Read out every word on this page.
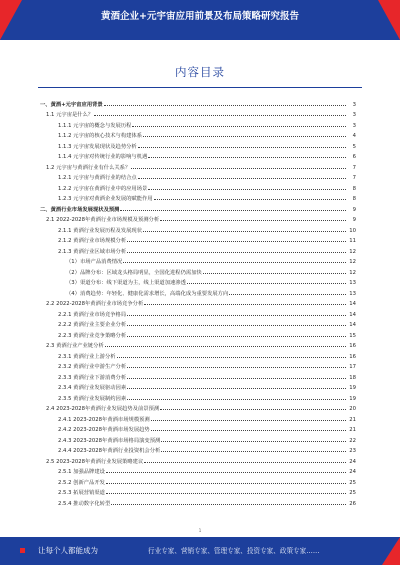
黄酒企业+元宇宙应用前景及布局策略研究报告
内容目录
一、黄酒+元宇宙应用背景	3
1.1 元宇宙是什么？	3
1.1.1 元宇宙的概念与发展历程	3
1.1.2 元宇宙的核心技术与构建体系	4
1.1.3 元宇宙发展现状及趋势分析	5
1.1.4 元宇宙对传统行业的影响与机遇	6
1.2 元宇宙与黄酒行业有什么关系？	7
1.2.1 元宇宙与黄酒行业的结合点	7
1.2.2 元宇宙在黄酒行业中的应用场景	8
1.2.3 元宇宙对黄酒企业发展的赋能作用	8
二、黄酒行业市场发展现状及预测	9
2.1 2022-2028年黄酒行业市场规模及预测分析	9
2.1.1 黄酒行业发展历程及发展现状	10
2.1.2 黄酒行业市场规模分析	11
2.1.3 黄酒行业区域市场分析	12
（1）市场产品消费情况	12
（2）品牌分布：区域龙头格局明显，全国化进程仍需加快	12
（3）渠道分布：线下渠道为主，线上渠道加速渗透	13
（4）消费趋势：年轻化、健康化需求增长，高端化成为重要发展方向	13
2.2 2022-2028年黄酒行业市场竞争分析	14
2.2.1 黄酒行业市场竞争格局	14
2.2.2 黄酒行业主要企业分析	14
2.2.3 黄酒行业竞争策略分析	15
2.3 黄酒行业产业链分析	16
2.3.1 黄酒行业上游分析	16
2.3.2 黄酒行业中游生产分析	17
2.3.3 黄酒行业下游消费分析	18
2.3.4 黄酒行业发展驱动因素	19
2.3.5 黄酒行业发展制约因素	19
2.4 2023-2028年黄酒行业发展趋势及前景预测	20
2.4.1 2023-2028年黄酒市场规模预测	21
2.4.2 2023-2028年黄酒市场发展趋势	21
2.4.3 2023-2028年黄酒市场格局演变预测	22
2.4.4 2023-2028年黄酒行业投资机会分析	23
2.5 2023-2028年黄酒行业发展策略建议	24
2.5.1 加强品牌建设	24
2.5.2 创新产品开发	25
2.5.3 拓展营销渠道	25
2.5.4 推动数字化转型	26
1
让每个人都能成为	行业专家、营销专家、管理专家、投资专家、政策专家……
